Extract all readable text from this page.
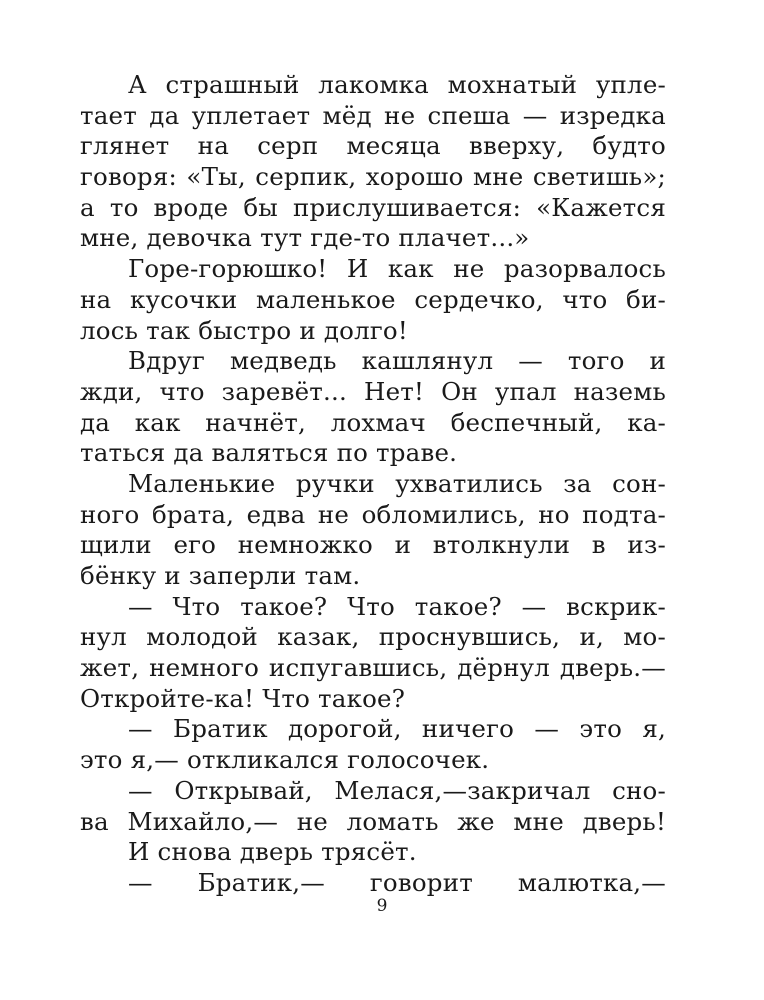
А страшный лакомка мохнатый упле-
тает да уплетает мёд не спеша — изредка
глянет на серп месяца вверху, будто
говоря: «Ты, серпик, хорошо мне светишь»;
а то вроде бы прислушивается: «Кажется
мне, девочка тут где-то плачет...»
Горе-горюшко! И как не разорвалось
на кусочки маленькое сердечко, что би-
лось так быстро и долго!
Вдруг медведь кашлянул — того и
жди, что заревёт... Нет! Он упал наземь
да как начнёт, лохмач беспечный, ка-
таться да валяться по траве.
Маленькие ручки ухватились за сон-
ного брата, едва не обломились, но подта-
щили его немножко и втолкнули в из-
бёнку и заперли там.
— Что такое? Что такое? — вскрик-
нул молодой казак, проснувшись, и, мо-
жет, немного испугавшись, дёрнул дверь.—
Откройте-ка! Что такое?
— Братик дорогой, ничего — это я,
это я,— откликался голосочек.
— Открывай, Мелася,—закричал сно-
ва Михайло,— не ломать же мне дверь!
И снова дверь трясёт.
— Братик,— говорит малютка,—
9
